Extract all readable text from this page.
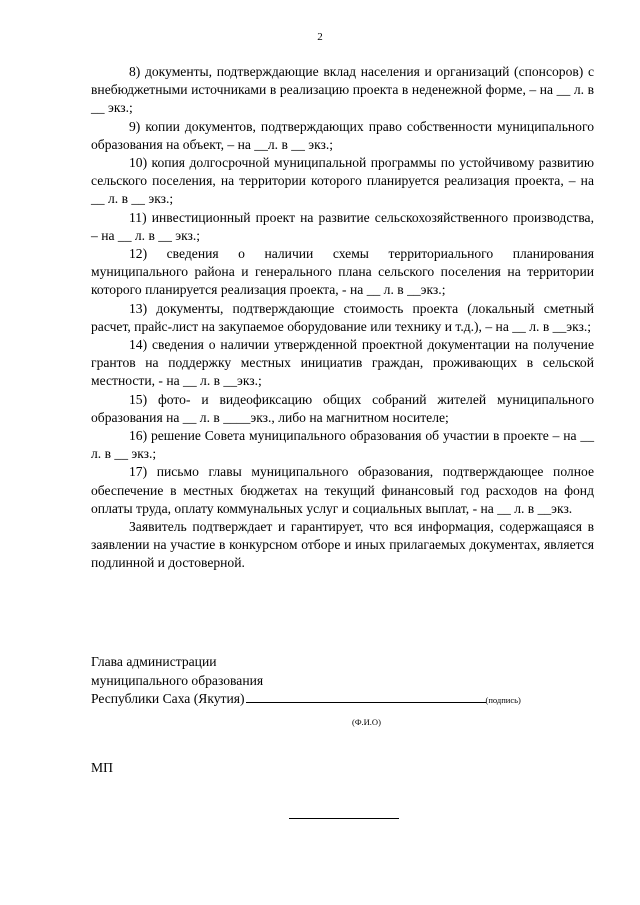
2

8) документы, подтверждающие вклад населения и организаций (спонсоров) с внебюджетными источниками в реализацию проекта в неденежной форме, – на __ л. в __ экз.;

9) копии документов, подтверждающих право собственности муниципального образования на объект, – на __л. в __ экз.;

10) копия долгосрочной муниципальной программы по устойчивому развитию сельского поселения, на территории которого планируется реализация проекта, – на __ л. в __ экз.;

11) инвестиционный проект на развитие сельскохозяйственного производства, – на __ л. в __ экз.;

12) сведения о наличии схемы территориального планирования муниципального района и генерального плана сельского поселения на территории которого планируется реализация проекта, - на __ л. в __экз.;

13) документы, подтверждающие стоимость проекта (локальный сметный расчет, прайс-лист на закупаемое оборудование или технику и т.д.), – на __ л. в __экз.;

14) сведения о наличии утвержденной проектной документации на получение грантов на поддержку местных инициатив граждан, проживающих в сельской местности, - на __ л. в __экз.;

15) фото- и видеофиксацию общих собраний жителей муниципального образования на __ л. в ____экз., либо на магнитном носителе;

16) решение Совета муниципального образования об участии в проекте – на __ л. в __ экз.;

17) письмо главы муниципального образования, подтверждающее полное обеспечение в местных бюджетах на текущий финансовый год расходов на фонд оплаты труда, оплату коммунальных услуг и социальных выплат, - на __ л. в __экз.

Заявитель подтверждает и гарантирует, что вся информация, содержащаяся в заявлении на участие в конкурсном отборе и иных прилагаемых документах, является подлинной и достоверной.

Глава администрации

муниципального образования

Республики Саха (Якутия)	(подпись)

(Ф.И.О)
МП
